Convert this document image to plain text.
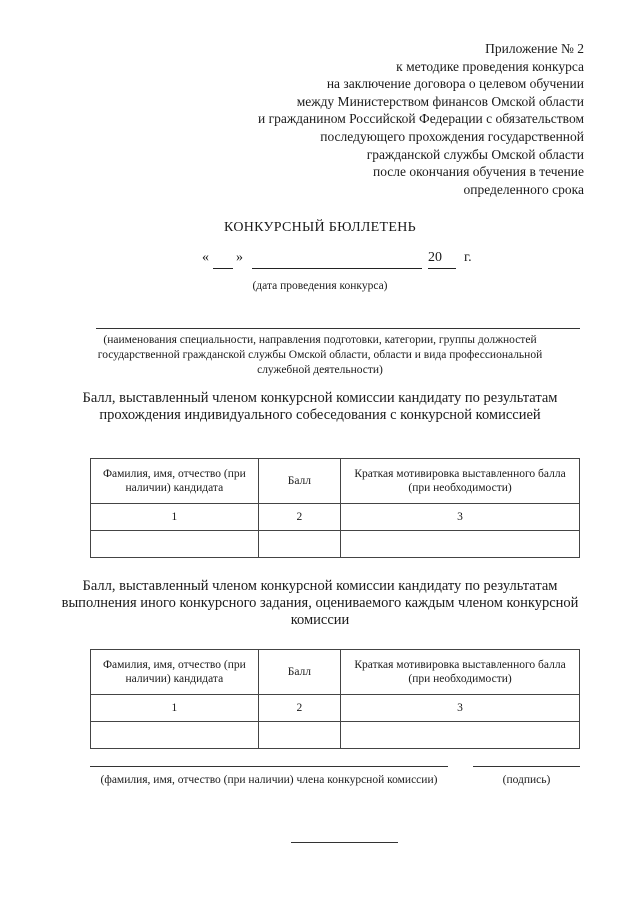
Приложение № 2
к методике проведения конкурса
на заключение договора о целевом обучении
между Министерством финансов Омской области
и гражданином Российской Федерации с обязательством
последующего прохождения государственной
гражданской службы Омской области
после окончания обучения в течение
определенного срока
КОНКУРСНЫЙ БЮЛЛЕТЕНЬ
« »	20 г.
(дата проведения конкурса)
(наименования специальности, направления подготовки, категории, группы должностей государственной гражданской службы Омской области, области и вида профессиональной служебной деятельности)
Балл, выставленный членом конкурсной комиссии кандидату по результатам прохождения индивидуального собеседования с конкурсной комиссией
Фамилия, имя, отчество (при наличии) кандидата	Балл	Краткая мотивировка выставленного балла (при необходимости)
1	2	3

Балл, выставленный членом конкурсной комиссии кандидату по результатам выполнения иного конкурсного задания, оцениваемого каждым членом конкурсной комиссии
Фамилия, имя, отчество (при наличии) кандидата	Балл	Краткая мотивировка выставленного балла (при необходимости)
1	2	3

(фамилия, имя, отчество (при наличии) члена конкурсной комиссии)	(подпись)
